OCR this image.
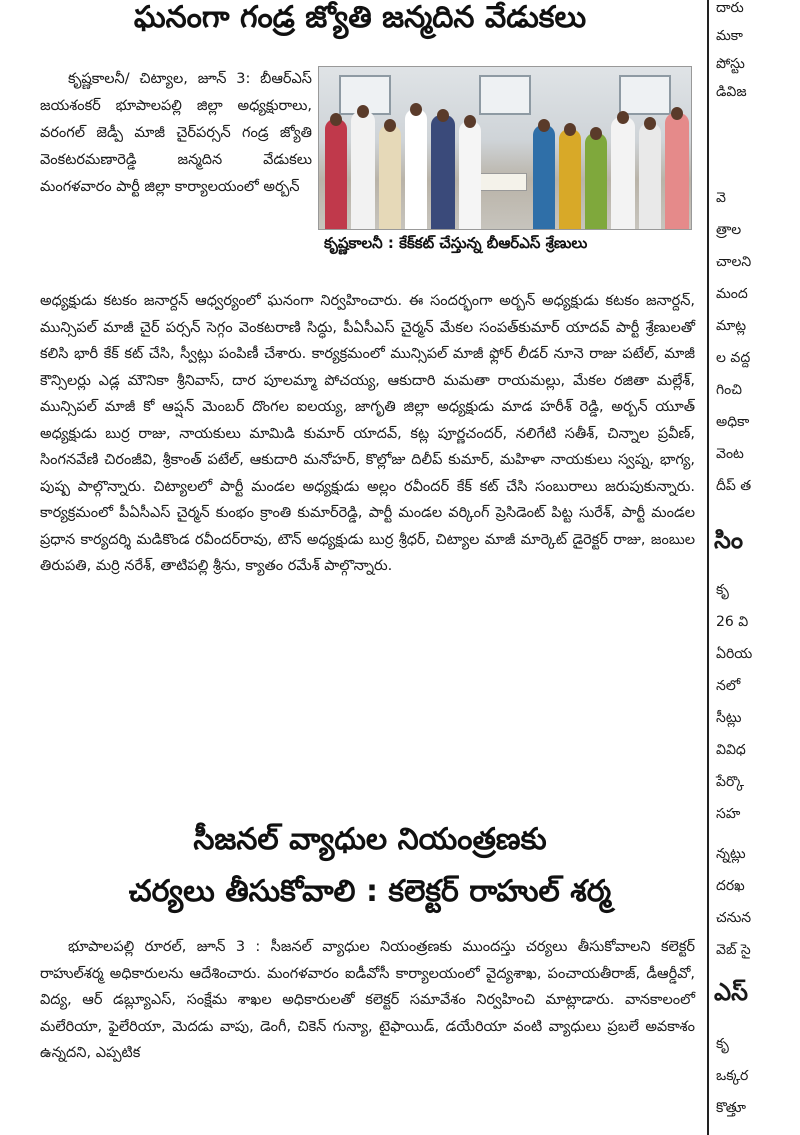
ఘనంగా గండ్ర జ్యోతి జన్మదిన వేడుకలు
కృష్ణకాలనీ/ చిట్యాల, జూన్ 3: బీఆర్ఎస్ జయశంకర్ భూపాలపల్లి జిల్లా అధ్యక్షురాలు, వరంగల్ జెడ్పీ మాజీ చైర్‌పర్సన్ గండ్ర జ్యోతి వెంకటరమణారెడ్డి జన్మదిన వేడుకలు మంగళవారం పార్టీ జిల్లా కార్యాలయంలో అర్బన్
కృష్ణకాలనీ : కేక్‌కట్ చేస్తున్న బీఆర్ఎస్ శ్రేణులు
అధ్యక్షుడు కటకం జనార్దన్ ఆధ్వర్యంలో ఘనంగా నిర్వహించారు. ఈ సందర్భంగా అర్బన్ అధ్యక్షుడు కటకం జనార్దన్, మున్సిపల్ మాజీ చైర్ పర్సన్ సెగ్గం వెంకటరాణి సిద్ధు, పీఏసీఎస్ చైర్మన్ మేకల సంపత్‌కుమార్ యాదవ్ పార్టీ శ్రేణులతో కలిసి భారీ కేక్ కట్ చేసి, స్వీట్లు పంపిణీ చేశారు. కార్యక్రమంలో మున్సిపల్ మాజీ ఫ్లోర్ లీడర్ నూనె రాజు పటేల్, మాజీ కౌన్సిలర్లు ఎడ్ల మౌనికా శ్రీనివాస్, దార పూలమ్మా పోచయ్య, ఆకుదారి మమతా రాయమల్లు, మేకల రజితా మల్లేశ్, మున్సిపల్ మాజీ కో ఆప్షన్ మెంబర్ దొంగల ఐలయ్య, జాగృతి జిల్లా అధ్యక్షుడు మాడ హరీశ్ రెడ్డి, అర్బన్ యూత్ అధ్యక్షుడు బుర్ర రాజు, నాయకులు మామిడి కుమార్ యాదవ్, కట్ల పూర్ణచందర్, నలిగేటి సతీశ్, చిన్నాల ప్రవీణ్, సింగనవేణి చిరంజీవి, శ్రీకాంత్ పటేల్, ఆకుదారి మనోహర్, కొల్లోజు దిలీప్ కుమార్, మహిళా నాయకులు స్వప్న, భాగ్య, పుష్ప పాల్గొన్నారు. చిట్యాలలో పార్టీ మండల అధ్యక్షుడు అల్లం రవీందర్ కేక్ కట్ చేసి సంబురాలు జరుపుకున్నారు. కార్యక్రమంలో పీఏసీఎస్ చైర్మన్ కుంభం క్రాంతి కుమార్‌రెడ్డి, పార్టీ మండల వర్కింగ్ ప్రెసిడెంట్ పిట్ట సురేశ్, పార్టీ మండల ప్రధాన కార్యదర్శి మడికొండ రవీందర్‌రావు, టౌన్ అధ్యక్షుడు బుర్ర శ్రీధర్, చిట్యాల మాజీ మార్కెట్ డైరెక్టర్ రాజు, జంబుల తిరుపతి, మర్రి నరేశ్, తాటిపల్లి శ్రీను, క్యాతం రమేశ్ పాల్గొన్నారు.
సీజనల్ వ్యాధుల నియంత్రణకు
చర్యలు తీసుకోవాలి : కలెక్టర్ రాహుల్ శర్మ
భూపాలపల్లి రూరల్, జూన్ 3 : సీజనల్ వ్యాధుల నియంత్రణకు ముందస్తు చర్యలు తీసుకోవాలని కలెక్టర్ రాహుల్‌శర్మ అధికారులను ఆదేశించారు. మంగళవారం ఐడీవోసీ కార్యాలయంలో వైద్యశాఖ, పంచాయతీరాజ్, డీఆర్డీవో, విద్య, ఆర్ డబ్ల్యూఎస్, సంక్షేమ శాఖల అధికారులతో కలెక్టర్ సమావేశం నిర్వహించి మాట్లాడారు. వానకాలంలో మలేరియా, ఫైలేరియా, మెదడు వాపు, డెంగీ, చికెన్ గున్యా, టైఫాయిడ్, డయేరియా వంటి వ్యాధులు ప్రబలే అవకాశం ఉన్నదని, ఎప్పటిక
దారు
మకా
పోస్టు
డివిజ
వె
త్రాల
చాలని
మంద
మాట్ల
ల వద్ద
గించి
అధికా
వెంట
దీప్ త
సిం
కృ
26 వి
ఏరియ
నలో
సీట్లు
వివిధ
పేర్కొ
సహ
న్నట్లు
దరఖ
చనున
వెబ్ సై
ఎస్
కృ
ఒక్కర
కొత్తూ
